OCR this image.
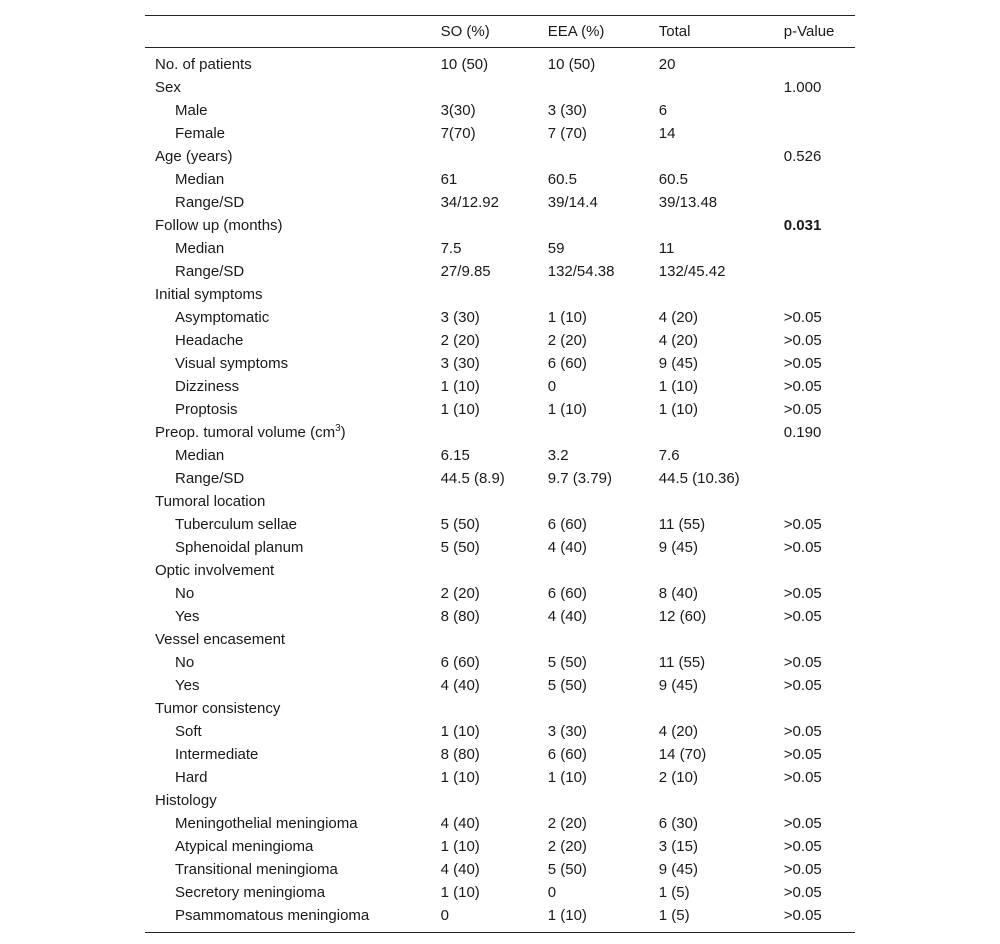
	SO (%)	EEA (%)	Total	p-Value
No. of patients	10 (50)	10 (50)	20	
Sex				1.000
Male	3(30)	3 (30)	6	
Female	7(70)	7 (70)	14	
Age (years)				0.526
Median	61	60.5	60.5	
Range/SD	34/12.92	39/14.4	39/13.48	
Follow up (months)				0.031
Median	7.5	59	11	
Range/SD	27/9.85	132/54.38	132/45.42	
Initial symptoms				
Asymptomatic	3 (30)	1 (10)	4 (20)	>0.05
Headache	2 (20)	2 (20)	4 (20)	>0.05
Visual symptoms	3 (30)	6 (60)	9 (45)	>0.05
Dizziness	1 (10)	0	1 (10)	>0.05
Proptosis	1 (10)	1 (10)	1 (10)	>0.05
Preop. tumoral volume $(cm^3)$				0.190
Median	6.15	3.2	7.6	
Range/SD	44.5 (8.9)	9.7 (3.79)	44.5 (10.36)	
Tumoral location				
Tuberculum sellae	5 (50)	6 (60)	11 (55)	>0.05
Sphenoidal planum	5 (50)	4 (40)	9 (45)	>0.05
Optic involvement				
No	2 (20)	6 (60)	8 (40)	>0.05
Yes	8 (80)	4 (40)	12 (60)	>0.05
Vessel encasement				
No	6 (60)	5 (50)	11 (55)	>0.05
Yes	4 (40)	5 (50)	9 (45)	>0.05
Tumor consistency				
Soft	1 (10)	3 (30)	4 (20)	>0.05
Intermediate	8 (80)	6 (60)	14 (70)	>0.05
Hard	1 (10)	1 (10)	2 (10)	>0.05
Histology				
Meningothelial meningioma	4 (40)	2 (20)	6 (30)	>0.05
Atypical meningioma	1 (10)	2 (20)	3 (15)	>0.05
Transitional meningioma	4 (40)	5 (50)	9 (45)	>0.05
Secretory meningioma	1 (10)	0	1 (5)	>0.05
Psammomatous meningioma	0	1 (10)	1 (5)	>0.05
